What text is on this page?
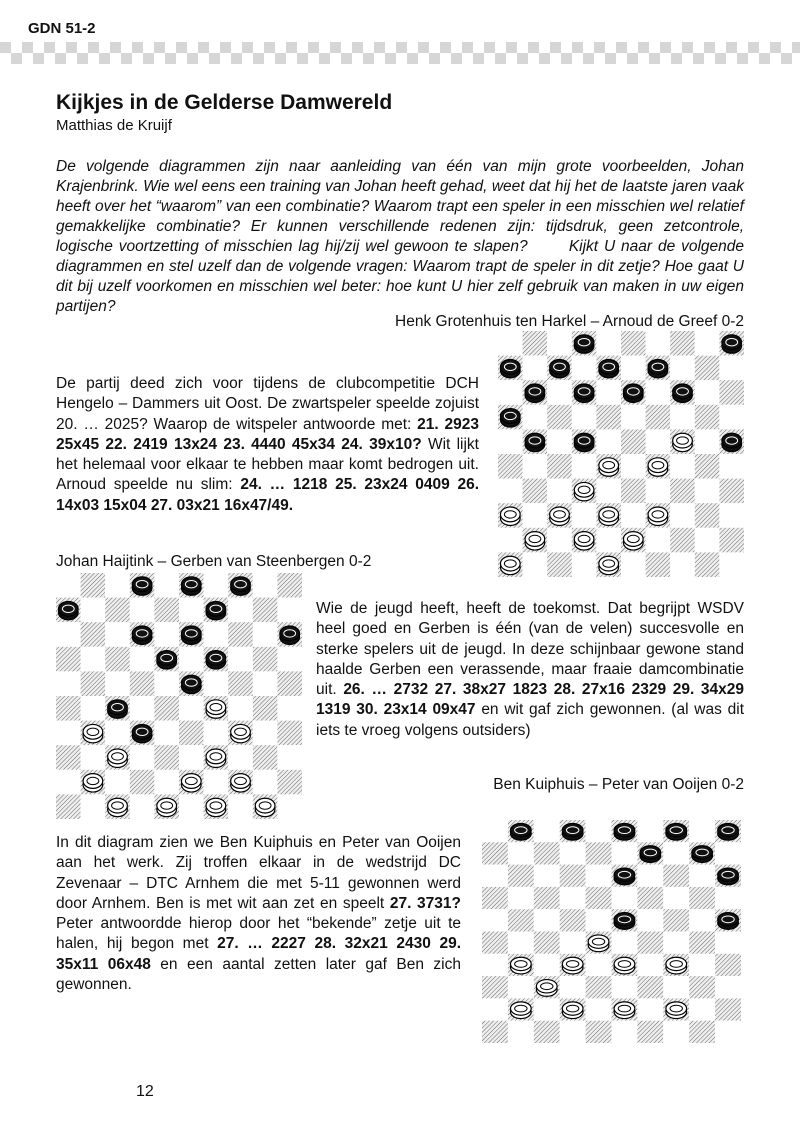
GDN 51-2
Kijkjes in de Gelderse Damwereld
Matthias de Kruijf

De volgende diagrammen zijn naar aanleiding van één van mijn grote voorbeelden, Johan Krajenbrink. Wie wel eens een training van Johan heeft gehad, weet dat hij het de laatste jaren vaak heeft over het “waarom” van een combinatie? Waarom trapt een speler in een misschien wel relatief gemakkelijke combinatie? Er kunnen verschillende redenen zijn: tijdsdruk, geen zetcontrole, logische voortzetting of misschien lag hij/zij wel gewoon te slapen?       Kijkt U naar de volgende diagrammen en stel uzelf dan de volgende vragen: Waarom trapt de speler in dit zetje? Hoe gaat U dit bij uzelf voorkomen en misschien wel beter: hoe kunt U hier zelf gebruik van maken in uw eigen partijen?

Henk Grotenhuis ten Harkel – Arnoud de Greef 0-2

De partij deed zich voor tijdens de clubcompetitie DCH Hengelo – Dammers uit Oost. De zwartspeler speelde zojuist 20. … 2025? Waarop de witspeler antwoorde met: 21. 2923 25x45 22. 2419 13x24 23. 4440 45x34 24. 39x10? Wit lijkt het helemaal voor elkaar te hebben maar komt bedrogen uit. Arnoud speelde nu slim: 24. … 1218 25. 23x24 0409 26. 14x03 15x04 27. 03x21 16x47/49.

Johan Haijtink – Gerben van Steenbergen 0-2

Wie de jeugd heeft, heeft de toekomst. Dat begrijpt WSDV heel goed en Gerben is één (van de velen) succesvolle en sterke spelers uit de jeugd. In deze schijnbaar gewone stand haalde Gerben een verassende, maar fraaie damcombinatie uit. 26. … 2732 27. 38x27 1823 28. 27x16 2329 29. 34x29 1319 30. 23x14 09x47 en wit gaf zich gewonnen. (al was dit iets te vroeg volgens outsiders)

Ben Kuiphuis – Peter van Ooijen 0-2

In dit diagram zien we Ben Kuiphuis en Peter van Ooijen aan het werk. Zij troffen elkaar in de wedstrijd DC Zevenaar – DTC Arnhem die met 5-11 gewonnen werd door Arnhem. Ben is met wit aan zet en speelt 27. 3731? Peter antwoordde hierop door het “bekende” zetje uit te halen, hij begon met 27. … 2227 28. 32x21 2430 29. 35x11 06x48 en een aantal zetten later gaf Ben zich gewonnen.

12
